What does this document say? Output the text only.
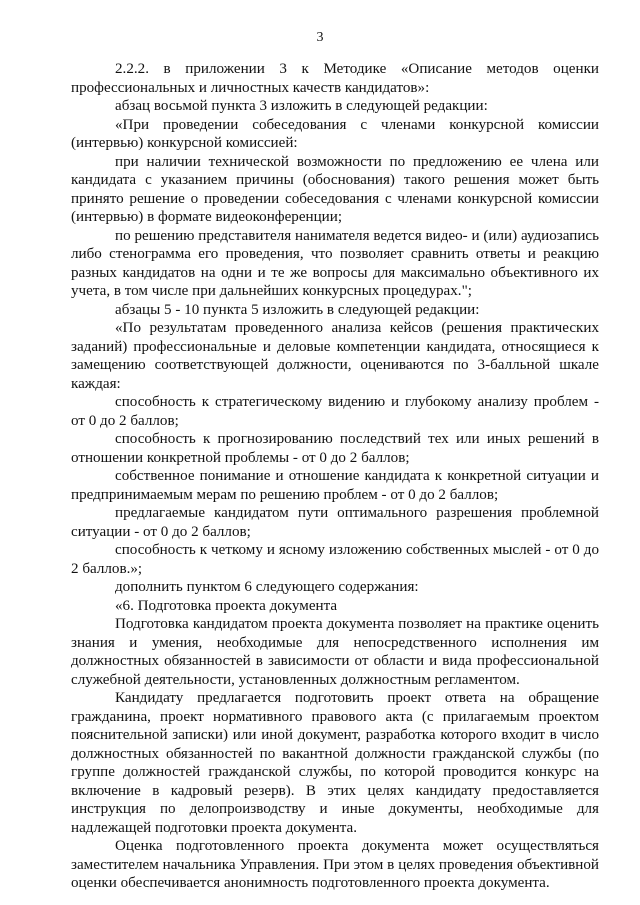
3

2.2.2. в приложении 3 к Методике «Описание методов оценки профессиональных и личностных качеств кандидатов»:

абзац восьмой пункта 3 изложить в следующей редакции:

«При проведении собеседования с членами конкурсной комиссии (интервью) конкурсной комиссией:

при наличии технической возможности по предложению ее члена или кандидата с указанием причины (обоснования) такого решения может быть принято решение о проведении собеседования с членами конкурсной комиссии (интервью) в формате видеоконференции;

по решению представителя нанимателя ведется видео- и (или) аудиозапись либо стенограмма его проведения, что позволяет сравнить ответы и реакцию разных кандидатов на одни и те же вопросы для максимально объективного их учета, в том числе при дальнейших конкурсных процедурах.";

абзацы 5 - 10 пункта 5 изложить в следующей редакции:

«По результатам проведенного анализа кейсов (решения практических заданий) профессиональные и деловые компетенции кандидата, относящиеся к замещению соответствующей должности, оцениваются по 3-балльной шкале каждая:

способность к стратегическому видению и глубокому анализу проблем - от 0 до 2 баллов;

способность к прогнозированию последствий тех или иных решений в отношении конкретной проблемы - от 0 до 2 баллов;

собственное понимание и отношение кандидата к конкретной ситуации и предпринимаемым мерам по решению проблем - от 0 до 2 баллов;

предлагаемые кандидатом пути оптимального разрешения проблемной ситуации - от 0 до 2 баллов;

способность к четкому и ясному изложению собственных мыслей - от 0 до 2 баллов.»;

дополнить пунктом 6 следующего содержания:

«6. Подготовка проекта документа

Подготовка кандидатом проекта документа позволяет на практике оценить знания и умения, необходимые для непосредственного исполнения им должностных обязанностей в зависимости от области и вида профессиональной служебной деятельности, установленных должностным регламентом.

Кандидату предлагается подготовить проект ответа на обращение гражданина, проект нормативного правового акта (с прилагаемым проектом пояснительной записки) или иной документ, разработка которого входит в число должностных обязанностей по вакантной должности гражданской службы (по группе должностей гражданской службы, по которой проводится конкурс на включение в кадровый резерв). В этих целях кандидату предоставляется инструкция по делопроизводству и иные документы, необходимые для надлежащей подготовки проекта документа.

Оценка подготовленного проекта документа может осуществляться заместителем начальника Управления. При этом в целях проведения объективной оценки обеспечивается анонимность подготовленного проекта документа.
